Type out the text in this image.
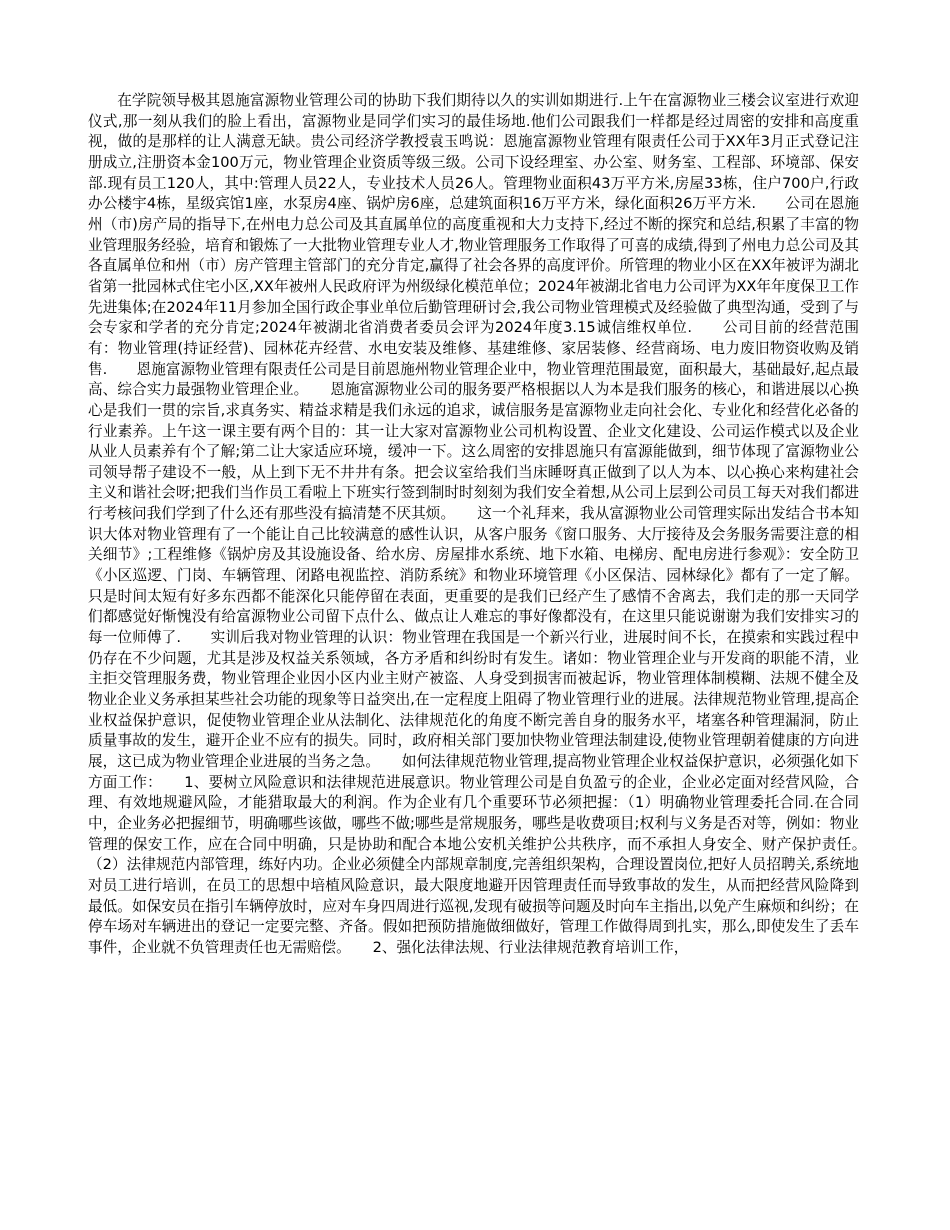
在学院领导极其恩施富源物业管理公司的协助下我们期待以久的实训如期进行.上午在富源物业三楼会议室进行欢迎仪式,那一刻从我们的脸上看出，富源物业是同学们实习的最佳场地.他们公司跟我们一样都是经过周密的安排和高度重视，做的是那样的让人满意无缺。贵公司经济学教授袁玉鸣说：恩施富源物业管理有限责任公司于XX年3月正式登记注册成立,注册资本金100万元，物业管理企业资质等级三级。公司下设经理室、办公室、财务室、工程部、环境部、保安部.现有员工120人，其中:管理人员22人，专业技术人员26人。管理物业面积43万平方米,房屋33栋，住户700户,行政办公楼宇4栋，星级宾馆1座，水泵房4座、锅炉房6座，总建筑面积16万平方米，绿化面积26万平方米.　　公司在恩施州（市)房产局的指导下,在州电力总公司及其直属单位的高度重视和大力支持下,经过不断的探究和总结,积累了丰富的物业管理服务经验，培育和锻炼了一大批物业管理专业人才,物业管理服务工作取得了可喜的成绩,得到了州电力总公司及其各直属单位和州（市）房产管理主管部门的充分肯定,赢得了社会各界的高度评价。所管理的物业小区在XX年被评为湖北省第一批园林式住宅小区,XX年被州人民政府评为州级绿化模范单位；2024年被湖北省电力公司评为XX年年度保卫工作先进集体;在2024年11月参加全国行政企事业单位后勤管理研讨会,我公司物业管理模式及经验做了典型沟通，受到了与会专家和学者的充分肯定;2024年被湖北省消费者委员会评为2024年度3.15诚信维权单位.　　公司目前的经营范围有：物业管理(持证经营)、园林花卉经营、水电安装及维修、基建维修、家居装修、经营商场、电力废旧物资收购及销售.　　恩施富源物业管理有限责任公司是目前恩施州物业管理企业中，物业管理范围最宽，面积最大，基础最好,起点最高、综合实力最强物业管理企业。　　恩施富源物业公司的服务要严格根据以人为本是我们服务的核心，和谐进展以心换心是我们一贯的宗旨,求真务实、精益求精是我们永远的追求，诚信服务是富源物业走向社会化、专业化和经营化必备的行业素养。上午这一课主要有两个目的：其一让大家对富源物业公司机构设置、企业文化建设、公司运作模式以及企业从业人员素养有个了解;第二让大家适应环境，缓冲一下。这么周密的安排恩施只有富源能做到，细节体现了富源物业公司领导帮子建设不一般，从上到下无不井井有条。把会议室给我们当床睡呀真正做到了以人为本、以心换心来构建社会主义和谐社会呀;把我们当作员工看啦上下班实行签到制时时刻刻为我们安全着想,从公司上层到公司员工每天对我们都进行考核问我们学到了什么还有那些没有搞清楚不厌其烦。　　这一个礼拜来，我从富源物业公司管理实际出发结合书本知识大体对物业管理有了一个能让自己比较满意的感性认识，从客户服务《窗口服务、大厅接待及会务服务需要注意的相关细节》;工程维修《锅炉房及其设施设备、给水房、房屋排水系统、地下水箱、电梯房、配电房进行参观》：安全防卫《小区巡逻、门岗、车辆管理、闭路电视监控、消防系统》和物业环境管理《小区保洁、园林绿化》都有了一定了解。只是时间太短有好多东西都不能深化只能停留在表面，更重要的是我们已经产生了感情不舍离去，我们走的那一天同学们都感觉好惭愧没有给富源物业公司留下点什么、做点让人难忘的事好像都没有，在这里只能说谢谢为我们安排实习的每一位师傅了.　　实训后我对物业管理的认识：物业管理在我国是一个新兴行业，进展时间不长，在摸索和实践过程中仍存在不少问题，尤其是涉及权益关系领域，各方矛盾和纠纷时有发生。诸如：物业管理企业与开发商的职能不清，业主拒交管理服务费，物业管理企业因小区内业主财产被盗、人身受到损害而被起诉，物业管理体制模糊、法规不健全及物业企业义务承担某些社会功能的现象等日益突出,在一定程度上阻碍了物业管理行业的进展。法律规范物业管理,提高企业权益保护意识，促使物业管理企业从法制化、法律规范化的角度不断完善自身的服务水平，堵塞各种管理漏洞，防止质量事故的发生，避开企业不应有的损失。同时，政府相关部门要加快物业管理法制建设,使物业管理朝着健康的方向进展，这已成为物业管理企业进展的当务之急。　　如何法律规范物业管理,提高物业管理企业权益保护意识，必须强化如下方面工作：　　1、要树立风险意识和法律规范进展意识。物业管理公司是自负盈亏的企业，企业必定面对经营风险，合理、有效地规避风险，才能猎取最大的利润。作为企业有几个重要环节必须把握：（1）明确物业管理委托合同.在合同中，企业务必把握细节，明确哪些该做，哪些不做;哪些是常规服务，哪些是收费项目;权利与义务是否对等，例如：物业管理的保安工作，应在合同中明确，只是协助和配合本地公安机关维护公共秩序，而不承担人身安全、财产保护责任。　　（2）法律规范内部管理，练好内功。企业必须健全内部规章制度,完善组织架构，合理设置岗位,把好人员招聘关,系统地对员工进行培训，在员工的思想中培植风险意识，最大限度地避开因管理责任而导致事故的发生，从而把经营风险降到最低。如保安员在指引车辆停放时，应对车身四周进行巡视,发现有破损等问题及时向车主指出,以免产生麻烦和纠纷；在停车场对车辆进出的登记一定要完整、齐备。假如把预防措施做细做好，管理工作做得周到扎实，那么,即使发生了丢车事件，企业就不负管理责任也无需赔偿。　　2、强化法律法规、行业法律规范教育培训工作，
